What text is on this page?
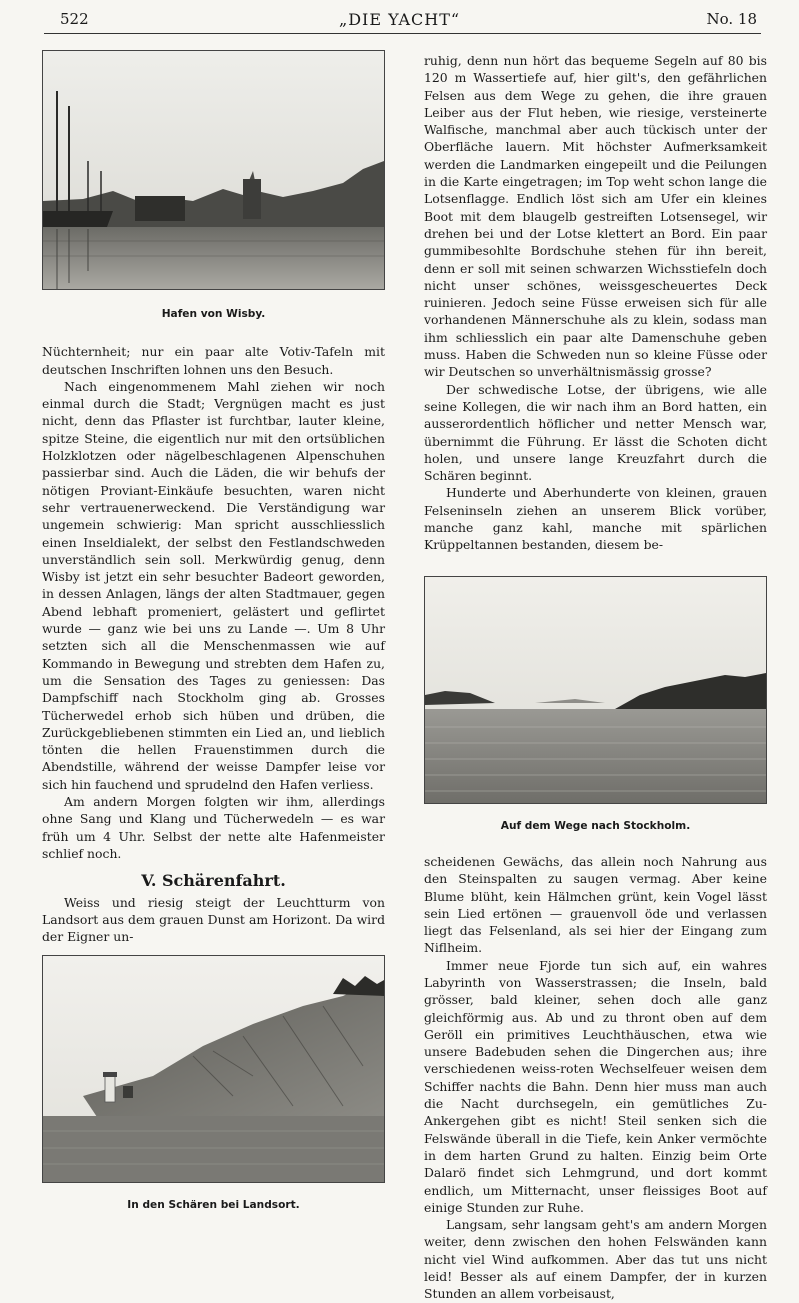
522	„DIE YACHT“	No. 18

Hafen von Wisby.

Nüchternheit; nur ein paar alte Votiv-Tafeln mit deutschen Inschriften lohnen uns den Besuch.

Nach eingenommenem Mahl ziehen wir noch einmal durch die Stadt; Vergnügen macht es just nicht, denn das Pflaster ist furchtbar, lauter kleine, spitze Steine, die eigentlich nur mit den ortsüblichen Holzklotzen oder nägelbeschlagenen Alpenschuhen passierbar sind. Auch die Läden, die wir behufs der nötigen Proviant-Einkäufe besuchten, waren nicht sehr vertrauenerweckend. Die Verständigung war ungemein schwierig: Man spricht ausschliesslich einen Inseldialekt, der selbst den Festlandschweden unverständlich sein soll. Merkwürdig genug, denn Wisby ist jetzt ein sehr besuchter Badeort geworden, in dessen Anlagen, längs der alten Stadtmauer, gegen Abend lebhaft promeniert, gelästert und geflirtet wurde — ganz wie bei uns zu Lande —. Um 8 Uhr setzten sich all die Menschenmassen wie auf Kommando in Bewegung und strebten dem Hafen zu, um die Sensation des Tages zu geniessen: Das Dampfschiff nach Stockholm ging ab. Grosses Tücherwedel erhob sich hüben und drüben, die Zurückgebliebenen stimmten ein Lied an, und lieblich tönten die hellen Frauenstimmen durch die Abendstille, während der weisse Dampfer leise vor sich hin fauchend und sprudelnd den Hafen verliess.

Am andern Morgen folgten wir ihm, allerdings ohne Sang und Klang und Tücherwedeln — es war früh um 4 Uhr. Selbst der nette alte Hafenmeister schlief noch.

V. Schärenfahrt.

Weiss und riesig steigt der Leuchtturm von Landsort aus dem grauen Dunst am Horizont. Da wird der Eigner un-

In den Schären bei Landsort.

ruhig, denn nun hört das bequeme Segeln auf 80 bis 120 m Wassertiefe auf, hier gilt's, den gefährlichen Felsen aus dem Wege zu gehen, die ihre grauen Leiber aus der Flut heben, wie riesige, versteinerte Walfische, manchmal aber auch tückisch unter der Oberfläche lauern. Mit höchster Aufmerksamkeit werden die Landmarken eingepeilt und die Peilungen in die Karte eingetragen; im Top weht schon lange die Lotsenflagge. Endlich löst sich am Ufer ein kleines Boot mit dem blaugelb gestreiften Lotsensegel, wir drehen bei und der Lotse klettert an Bord. Ein paar gummibesohlte Bordschuhe stehen für ihn bereit, denn er soll mit seinen schwarzen Wichsstiefeln doch nicht unser schönes, weissgescheuertes Deck ruinieren. Jedoch seine Füsse erweisen sich für alle vorhandenen Männerschuhe als zu klein, sodass man ihm schliesslich ein paar alte Damenschuhe geben muss. Haben die Schweden nun so kleine Füsse oder wir Deutschen so unverhältnismässig grosse?

Der schwedische Lotse, der übrigens, wie alle seine Kollegen, die wir nach ihm an Bord hatten, ein ausserordentlich höflicher und netter Mensch war, übernimmt die Führung. Er lässt die Schoten dicht holen, und unsere lange Kreuzfahrt durch die Schären beginnt.

Hunderte und Aberhunderte von kleinen, grauen Felseninseln ziehen an unserem Blick vorüber, manche ganz kahl, manche mit spärlichen Krüppeltannen bestanden, diesem be-

Auf dem Wege nach Stockholm.

scheidenen Gewächs, das allein noch Nahrung aus den Steinspalten zu saugen vermag. Aber keine Blume blüht, kein Hälmchen grünt, kein Vogel lässt sein Lied ertönen — grauenvoll öde und verlassen liegt das Felsenland, als sei hier der Eingang zum Niflheim.

Immer neue Fjorde tun sich auf, ein wahres Labyrinth von Wasserstrassen; die Inseln, bald grösser, bald kleiner, sehen doch alle ganz gleichförmig aus. Ab und zu thront oben auf dem Geröll ein primitives Leuchthäuschen, etwa wie unsere Badebuden sehen die Dingerchen aus; ihre verschiedenen weiss-roten Wechselfeuer weisen dem Schiffer nachts die Bahn. Denn hier muss man auch die Nacht durchsegeln, ein gemütliches Zu-Ankergehen gibt es nicht! Steil senken sich die Felswände überall in die Tiefe, kein Anker vermöchte in dem harten Grund zu halten. Einzig beim Orte Dalarö findet sich Lehmgrund, und dort kommt endlich, um Mitternacht, unser fleissiges Boot auf einige Stunden zur Ruhe.

Langsam, sehr langsam geht's am andern Morgen weiter, denn zwischen den hohen Felswänden kann nicht viel Wind aufkommen. Aber das tut uns nicht leid! Besser als auf einem Dampfer, der in kurzen Stunden an allem vorbeisaust,
